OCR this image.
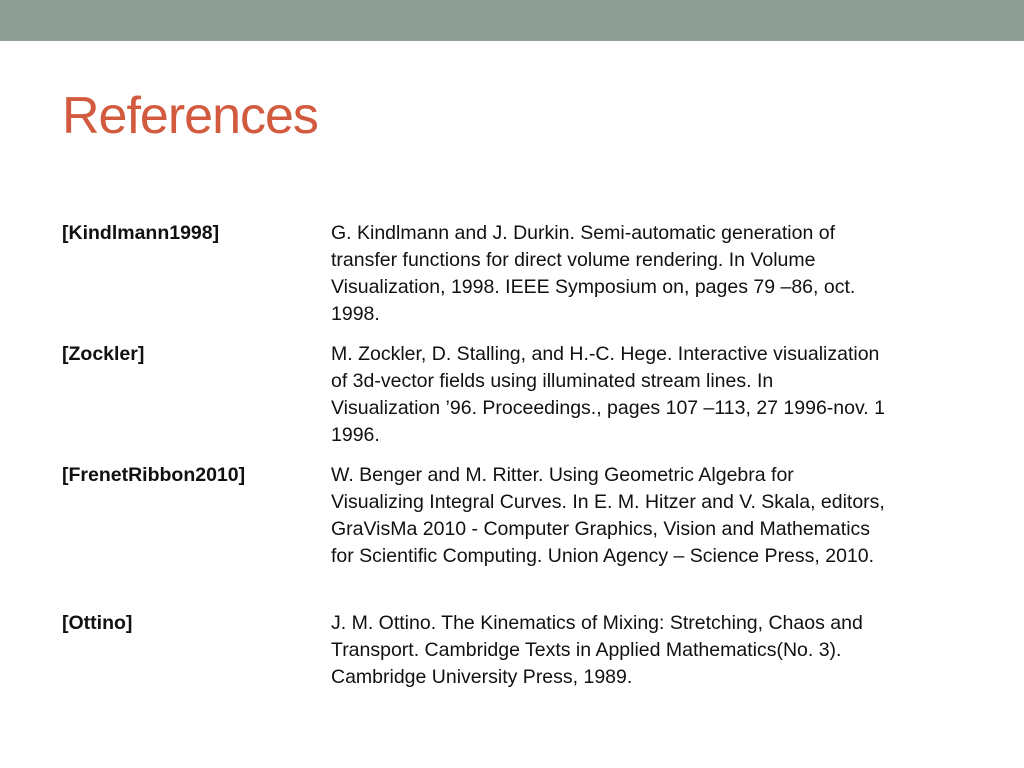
References
[Kindlmann1998]	G. Kindlmann and J. Durkin. Semi-automatic generation of
transfer functions for direct volume rendering. In Volume
Visualization, 1998. IEEE Symposium on, pages 79 –86, oct.
1998.
[Zockler]	M. Zockler, D. Stalling, and H.-C. Hege. Interactive visualization
of 3d-vector fields using illuminated stream lines. In
Visualization ’96. Proceedings., pages 107 –113, 27 1996-nov. 1
1996.
[FrenetRibbon2010]	W. Benger and M. Ritter. Using Geometric Algebra for
Visualizing Integral Curves. In E. M. Hitzer and V. Skala, editors,
GraVisMa 2010 - Computer Graphics, Vision and Mathematics
for Scientific Computing. Union Agency – Science Press, 2010.
[Ottino]	J. M. Ottino. The Kinematics of Mixing: Stretching, Chaos and
Transport. Cambridge Texts in Applied Mathematics(No. 3).
Cambridge University Press, 1989.
